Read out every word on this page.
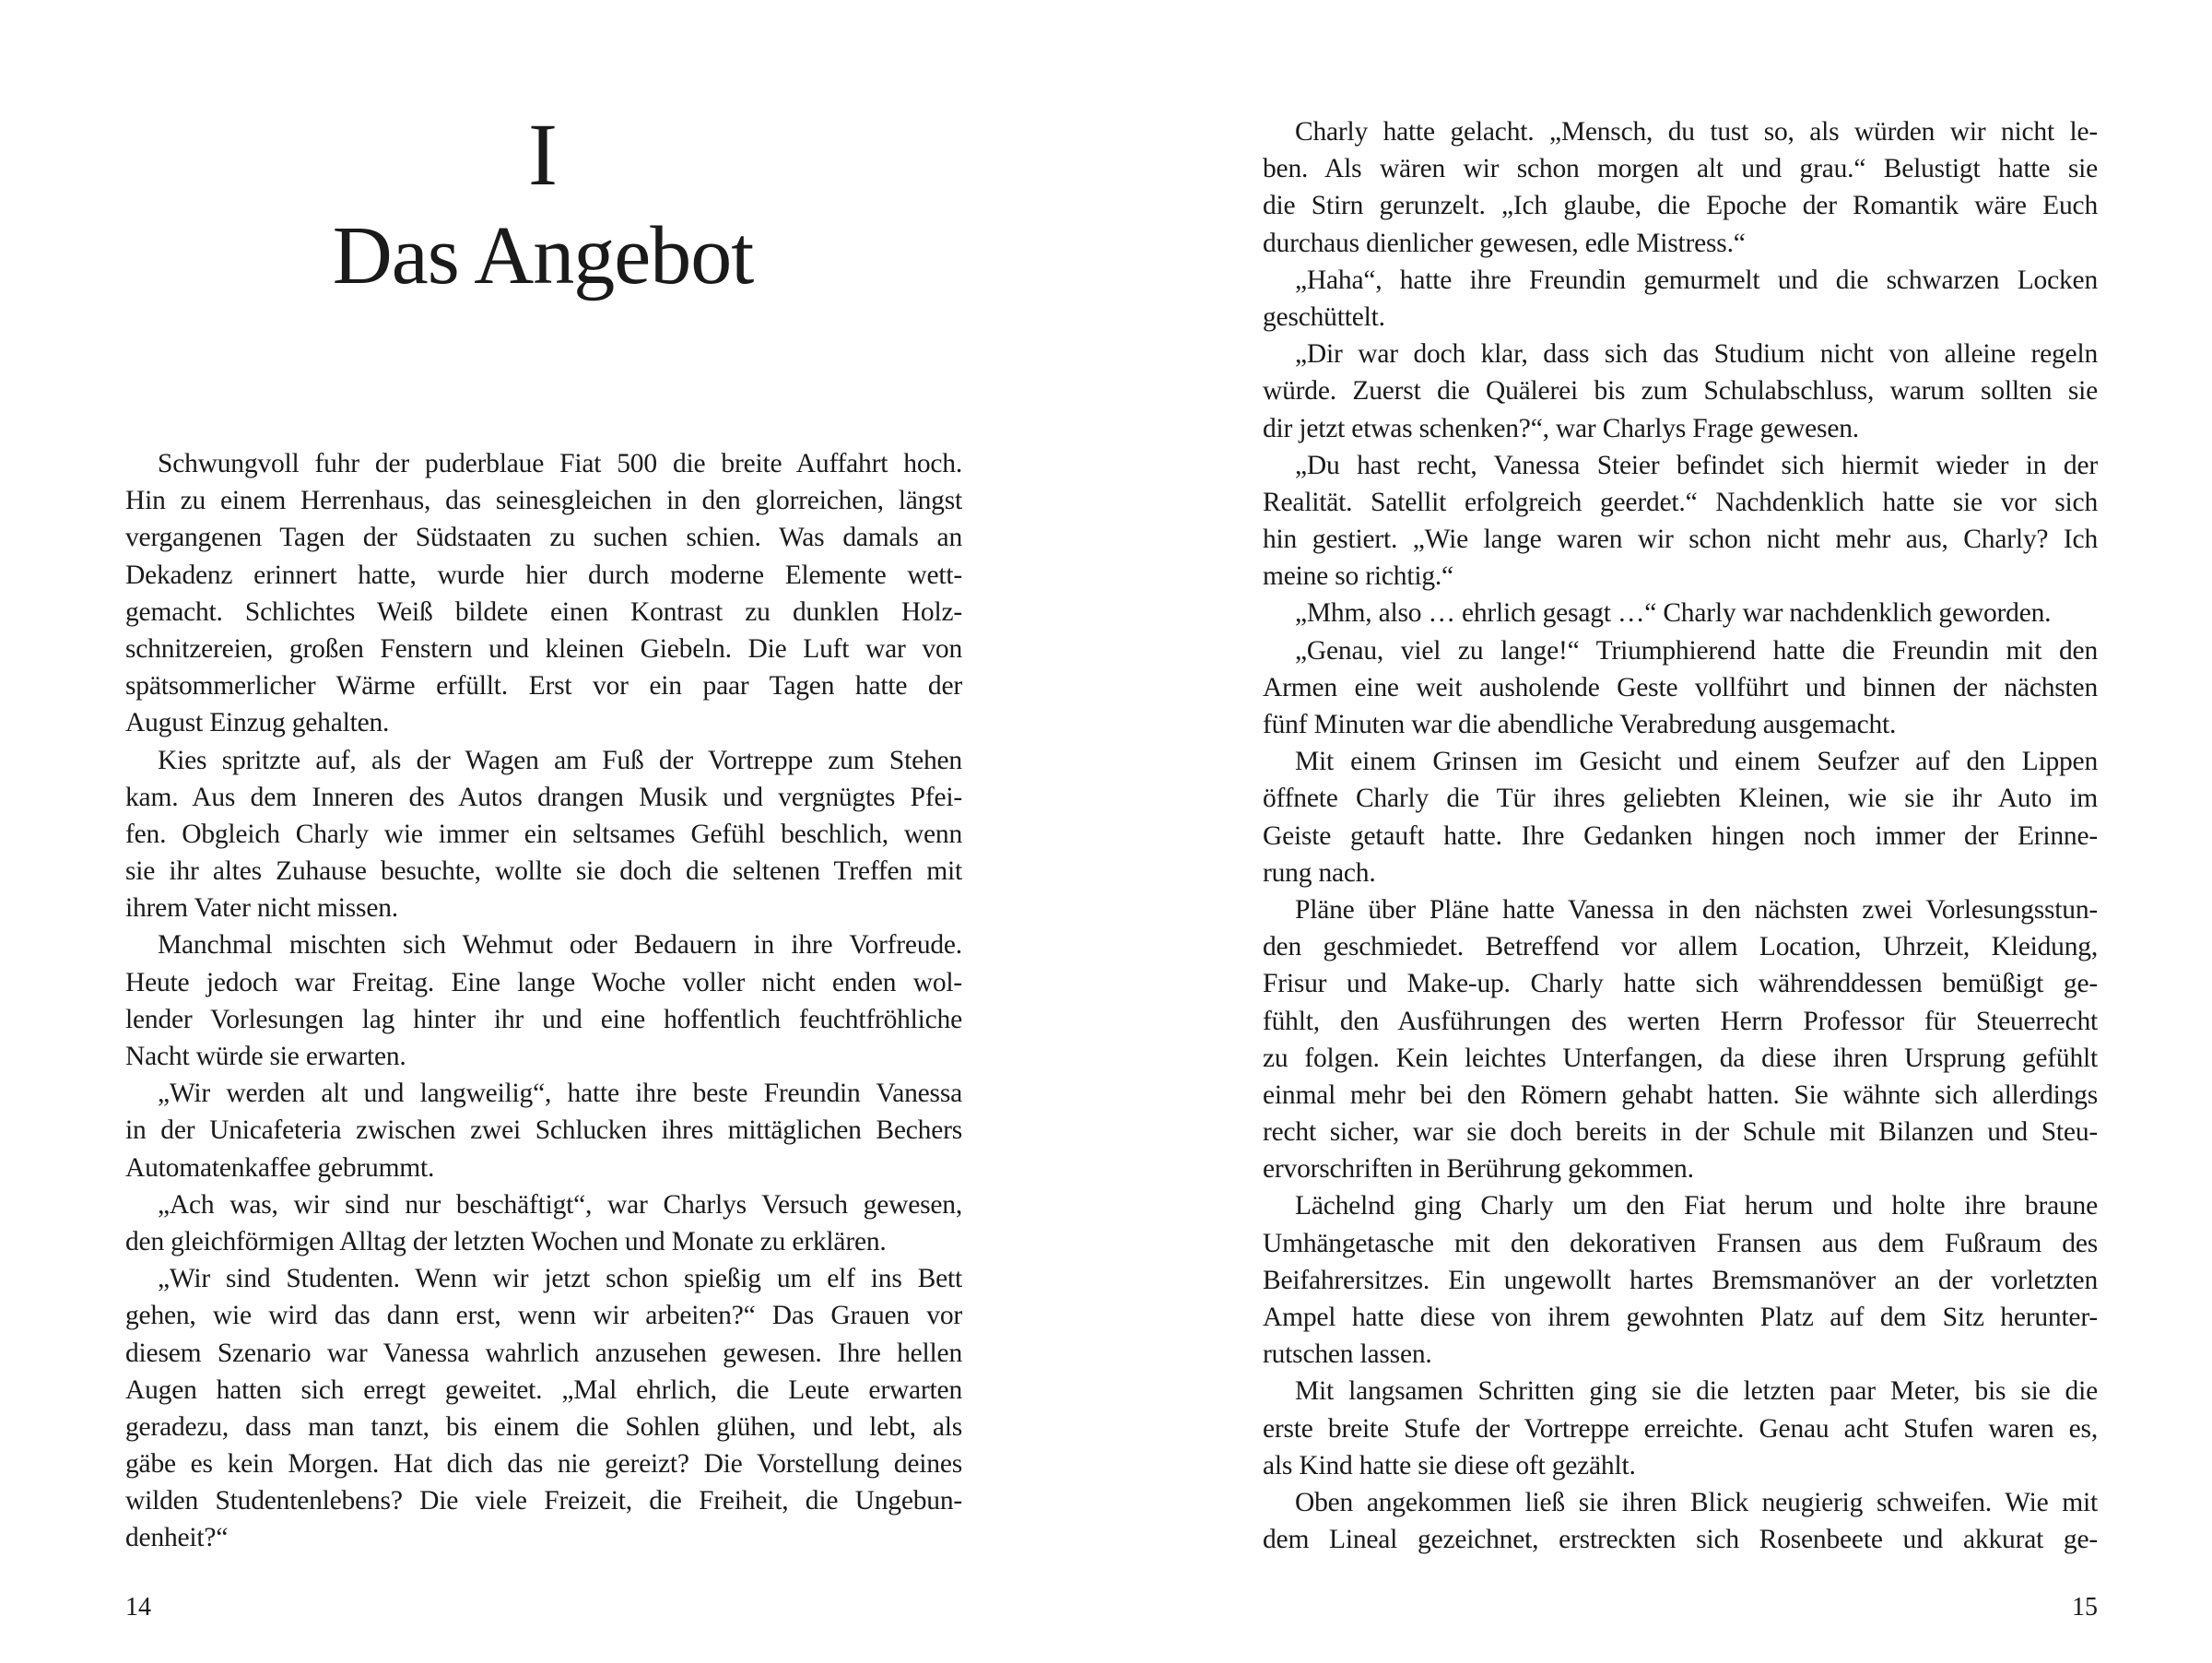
I
Das Angebot
Schwungvoll fuhr der puderblaue Fiat 500 die breite Auffahrt hoch.
Hin zu einem Herrenhaus, das seinesgleichen in den glorreichen, längst
vergangenen Tagen der Südstaaten zu suchen schien. Was damals an
Dekadenz erinnert hatte, wurde hier durch moderne Elemente wett-
gemacht. Schlichtes Weiß bildete einen Kontrast zu dunklen Holz-
schnitzereien, großen Fenstern und kleinen Giebeln. Die Luft war von
spätsommerlicher Wärme erfüllt. Erst vor ein paar Tagen hatte der
August Einzug gehalten.
Kies spritzte auf, als der Wagen am Fuß der Vortreppe zum Stehen
kam. Aus dem Inneren des Autos drangen Musik und vergnügtes Pfei-
fen. Obgleich Charly wie immer ein seltsames Gefühl beschlich, wenn
sie ihr altes Zuhause besuchte, wollte sie doch die seltenen Treffen mit
ihrem Vater nicht missen.
Manchmal mischten sich Wehmut oder Bedauern in ihre Vorfreude.
Heute jedoch war Freitag. Eine lange Woche voller nicht enden wol-
lender Vorlesungen lag hinter ihr und eine hoffentlich feuchtfröhliche
Nacht würde sie erwarten.
„Wir werden alt und langweilig“, hatte ihre beste Freundin Vanessa
in der Unicafeteria zwischen zwei Schlucken ihres mittäglichen Bechers
Automatenkaffee gebrummt.
„Ach was, wir sind nur beschäftigt“, war Charlys Versuch gewesen,
den gleichförmigen Alltag der letzten Wochen und Monate zu erklären.
„Wir sind Studenten. Wenn wir jetzt schon spießig um elf ins Bett
gehen, wie wird das dann erst, wenn wir arbeiten?“ Das Grauen vor
diesem Szenario war Vanessa wahrlich anzusehen gewesen. Ihre hellen
Augen hatten sich erregt geweitet. „Mal ehrlich, die Leute erwarten
geradezu, dass man tanzt, bis einem die Sohlen glühen, und lebt, als
gäbe es kein Morgen. Hat dich das nie gereizt? Die Vorstellung deines
wilden Studentenlebens? Die viele Freizeit, die Freiheit, die Ungebun-
denheit?“
Charly hatte gelacht. „Mensch, du tust so, als würden wir nicht le-
ben. Als wären wir schon morgen alt und grau.“ Belustigt hatte sie
die Stirn gerunzelt. „Ich glaube, die Epoche der Romantik wäre Euch
durchaus dienlicher gewesen, edle Mistress.“
„Haha“, hatte ihre Freundin gemurmelt und die schwarzen Locken
geschüttelt.
„Dir war doch klar, dass sich das Studium nicht von alleine regeln
würde. Zuerst die Quälerei bis zum Schulabschluss, warum sollten sie
dir jetzt etwas schenken?“, war Charlys Frage gewesen.
„Du hast recht, Vanessa Steier befindet sich hiermit wieder in der
Realität. Satellit erfolgreich geerdet.“ Nachdenklich hatte sie vor sich
hin gestiert. „Wie lange waren wir schon nicht mehr aus, Charly? Ich
meine so richtig.“
„Mhm, also … ehrlich gesagt …“ Charly war nachdenklich geworden.
„Genau, viel zu lange!“ Triumphierend hatte die Freundin mit den
Armen eine weit ausholende Geste vollführt und binnen der nächsten
fünf Minuten war die abendliche Verabredung ausgemacht.
Mit einem Grinsen im Gesicht und einem Seufzer auf den Lippen
öffnete Charly die Tür ihres geliebten Kleinen, wie sie ihr Auto im
Geiste getauft hatte. Ihre Gedanken hingen noch immer der Erinne-
rung nach.
Pläne über Pläne hatte Vanessa in den nächsten zwei Vorlesungsstun-
den geschmiedet. Betreffend vor allem Location, Uhrzeit, Kleidung,
Frisur und Make-up. Charly hatte sich währenddessen bemüßigt ge-
fühlt, den Ausführungen des werten Herrn Professor für Steuerrecht
zu folgen. Kein leichtes Unterfangen, da diese ihren Ursprung gefühlt
einmal mehr bei den Römern gehabt hatten. Sie wähnte sich allerdings
recht sicher, war sie doch bereits in der Schule mit Bilanzen und Steu-
ervorschriften in Berührung gekommen.
Lächelnd ging Charly um den Fiat herum und holte ihre braune
Umhängetasche mit den dekorativen Fransen aus dem Fußraum des
Beifahrersitzes. Ein ungewollt hartes Bremsmanöver an der vorletzten
Ampel hatte diese von ihrem gewohnten Platz auf dem Sitz herunter-
rutschen lassen.
Mit langsamen Schritten ging sie die letzten paar Meter, bis sie die
erste breite Stufe der Vortreppe erreichte. Genau acht Stufen waren es,
als Kind hatte sie diese oft gezählt.
Oben angekommen ließ sie ihren Blick neugierig schweifen. Wie mit
dem Lineal gezeichnet, erstreckten sich Rosenbeete und akkurat ge-
14	15
